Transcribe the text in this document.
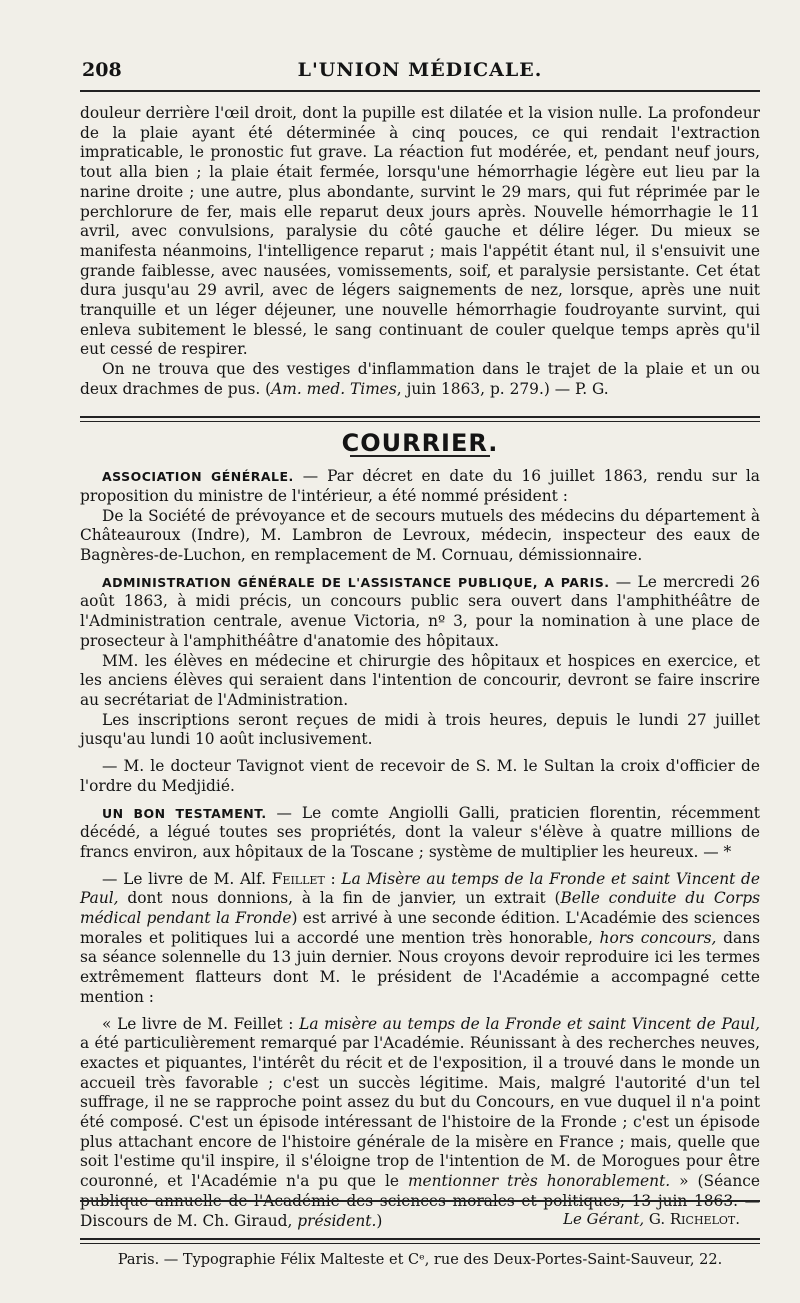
208	L'UNION MÉDICALE.

douleur derrière l'œil droit, dont la pupille est dilatée et la vision nulle. La profondeur de la plaie ayant été déterminée à cinq pouces, ce qui rendait l'extraction impraticable, le pronostic fut grave. La réaction fut modérée, et, pendant neuf jours, tout alla bien ; la plaie était fermée, lorsqu'une hémorrhagie légère eut lieu par la narine droite ; une autre, plus abondante, survint le 29 mars, qui fut réprimée par le perchlorure de fer, mais elle reparut deux jours après. Nouvelle hémorrhagie le 11 avril, avec convulsions, paralysie du côté gauche et délire léger. Du mieux se manifesta néanmoins, l'intelligence reparut ; mais l'appétit étant nul, il s'ensuivit une grande faiblesse, avec nausées, vomissements, soif, et paralysie persistante. Cet état dura jusqu'au 29 avril, avec de légers saignements de nez, lorsque, après une nuit tranquille et un léger déjeuner, une nouvelle hémorrhagie foudroyante survint, qui enleva subitement le blessé, le sang continuant de couler quelque temps après qu'il eut cessé de respirer.

On ne trouva que des vestiges d'inflammation dans le trajet de la plaie et un ou deux drachmes de pus. (Am. med. Times, juin 1863, p. 279.) — P. G.

COURRIER.

ASSOCIATION GÉNÉRALE. — Par décret en date du 16 juillet 1863, rendu sur la proposition du ministre de l'intérieur, a été nommé président :

De la Société de prévoyance et de secours mutuels des médecins du département à Châteauroux (Indre), M. Lambron de Levroux, médecin, inspecteur des eaux de Bagnères-de-Luchon, en remplacement de M. Cornuau, démissionnaire.

ADMINISTRATION GÉNÉRALE DE L'ASSISTANCE PUBLIQUE, A PARIS. — Le mercredi 26 août 1863, à midi précis, un concours public sera ouvert dans l'amphithéâtre de l'Administration centrale, avenue Victoria, nº 3, pour la nomination à une place de prosecteur à l'amphithéâtre d'anatomie des hôpitaux.

MM. les élèves en médecine et chirurgie des hôpitaux et hospices en exercice, et les anciens élèves qui seraient dans l'intention de concourir, devront se faire inscrire au secrétariat de l'Administration.

Les inscriptions seront reçues de midi à trois heures, depuis le lundi 27 juillet jusqu'au lundi 10 août inclusivement.

— M. le docteur Tavignot vient de recevoir de S. M. le Sultan la croix d'officier de l'ordre du Medjidié.

UN BON TESTAMENT. — Le comte Angiolli Galli, praticien florentin, récemment décédé, a légué toutes ses propriétés, dont la valeur s'élève à quatre millions de francs environ, aux hôpitaux de la Toscane ; système de multiplier les heureux. — *

— Le livre de M. Alf. Feillet : La Misère au temps de la Fronde et saint Vincent de Paul, dont nous donnions, à la fin de janvier, un extrait (Belle conduite du Corps médical pendant la Fronde) est arrivé à une seconde édition. L'Académie des sciences morales et politiques lui a accordé une mention très honorable, hors concours, dans sa séance solennelle du 13 juin dernier. Nous croyons devoir reproduire ici les termes extrêmement flatteurs dont M. le président de l'Académie a accompagné cette mention :

« Le livre de M. Feillet : La misère au temps de la Fronde et saint Vincent de Paul, a été particulièrement remarqué par l'Académie. Réunissant à des recherches neuves, exactes et piquantes, l'intérêt du récit et de l'exposition, il a trouvé dans le monde un accueil très favorable ; c'est un succès légitime. Mais, malgré l'autorité d'un tel suffrage, il ne se rapproche point assez du but du Concours, en vue duquel il n'a point été composé. C'est un épisode intéressant de l'histoire de la Fronde ; c'est un épisode plus attachant encore de l'histoire générale de la misère en France ; mais, quelle que soit l'estime qu'il inspire, il s'éloigne trop de l'intention de M. de Morogues pour être couronné, et l'Académie n'a pu que le mentionner très honorablement. » (Séance publique annuelle de l'Académie des sciences morales et politiques, 13 juin 1863. — Discours de M. Ch. Giraud, président.)	Le Gérant, G. Richelot.
Paris. — Typographie Félix Malteste et Cᵉ, rue des Deux-Portes-Saint-Sauveur, 22.
